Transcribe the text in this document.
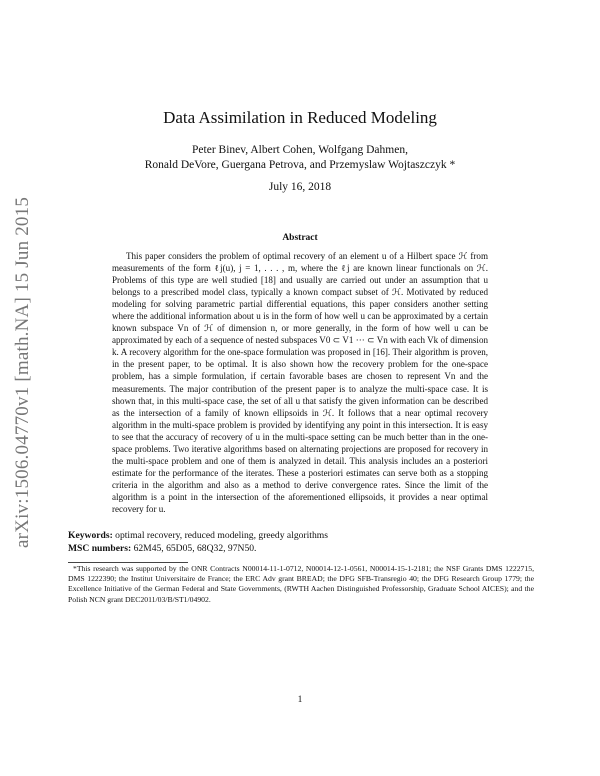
arXiv:1506.04770v1 [math.NA] 15 Jun 2015
Data Assimilation in Reduced Modeling
Peter Binev, Albert Cohen, Wolfgang Dahmen,
Ronald DeVore, Guergana Petrova, and Przemyslaw Wojtaszczyk *
July 16, 2018
Abstract

This paper considers the problem of optimal recovery of an element u of a Hilbert space ℋ from measurements of the form ℓj(u), j = 1, . . . , m, where the ℓj are known linear functionals on ℋ. Problems of this type are well studied [18] and usually are carried out under an assumption that u belongs to a prescribed model class, typically a known compact subset of ℋ. Motivated by reduced modeling for solving parametric partial differential equations, this paper considers another setting where the additional information about u is in the form of how well u can be approximated by a certain known subspace Vn of ℋ of dimension n, or more generally, in the form of how well u can be approximated by each of a sequence of nested subspaces V0 ⊂ V1 ··· ⊂ Vn with each Vk of dimension k. A recovery algorithm for the one-space formulation was proposed in [16]. Their algorithm is proven, in the present paper, to be optimal. It is also shown how the recovery problem for the one-space problem, has a simple formulation, if certain favorable bases are chosen to represent Vn and the measurements. The major contribution of the present paper is to analyze the multi-space case. It is shown that, in this multi-space case, the set of all u that satisfy the given information can be described as the intersection of a family of known ellipsoids in ℋ. It follows that a near optimal recovery algorithm in the multi-space problem is provided by identifying any point in this intersection. It is easy to see that the accuracy of recovery of u in the multi-space setting can be much better than in the one-space problems. Two iterative algorithms based on alternating projections are proposed for recovery in the multi-space problem and one of them is analyzed in detail. This analysis includes an a posteriori estimate for the performance of the iterates. These a posteriori estimates can serve both as a stopping criteria in the algorithm and also as a method to derive convergence rates. Since the limit of the algorithm is a point in the intersection of the aforementioned ellipsoids, it provides a near optimal recovery for u.

Keywords: optimal recovery, reduced modeling, greedy algorithms
MSC numbers: 62M45, 65D05, 68Q32, 97N50.

*This research was supported by the ONR Contracts N00014-11-1-0712, N00014-12-1-0561, N00014-15-1-2181; the NSF Grants DMS 1222715, DMS 1222390; the Institut Universitaire de France; the ERC Adv grant BREAD; the DFG SFB-Transregio 40; the DFG Research Group 1779; the Excellence Initiative of the German Federal and State Governments, (RWTH Aachen Distinguished Professorship, Graduate School AICES); and the Polish NCN grant DEC2011/03/B/ST1/04902.

1
